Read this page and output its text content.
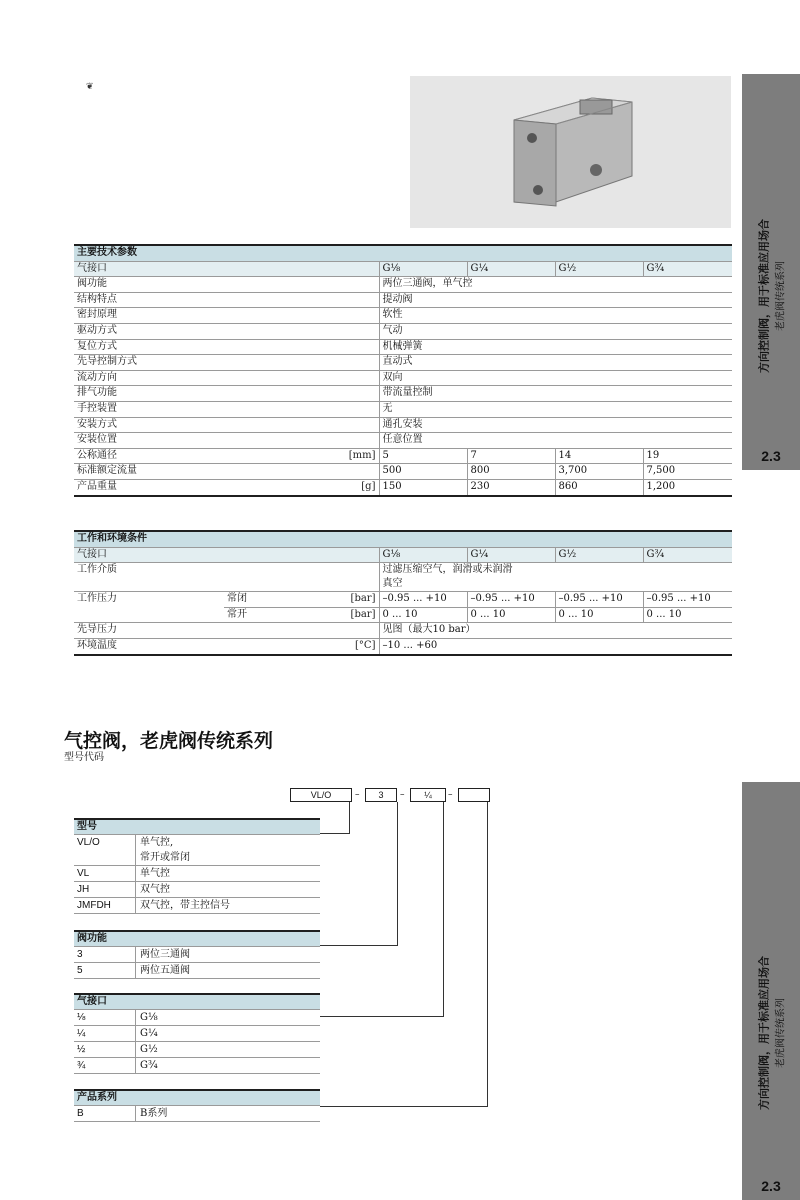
❦
方向控制阀，用于标准应用场合 老虎阀传统系列
2.3
方向控制阀，用于标准应用场合 老虎阀传统系列
2.3
主要技术参数					
气接口		G⅛	G¼	G½	G¾
阀功能		两位三通阀，单气控			
结构特点		提动阀			
密封原理		软性			
驱动方式		气动			
复位方式		机械弹簧			
先导控制方式		直动式			
流动方向		双向			
排气功能		带流量控制			
手控装置		无			
安装方式		通孔安装			
安装位置		任意位置			
公称通径	[mm]	5	7	14	19
标准额定流量		500	800	3,700	7,500
产品重量	[g]	150	230	860	1,200
工作和环境条件						
气接口			G⅛	G¼	G½	G¾
工作介质			过滤压缩空气，润滑或未润滑
真空			
工作压力	常闭	[bar]	–0.95 ... +10	–0.95 ... +10	–0.95 ... +10	–0.95 ... +10
	常开	[bar]	0 ... 10	0 ... 10	0 ... 10	0 ... 10
先导压力			见图（最大10 bar）			
环境温度		[°C]	–10 ... +60			
气控阀，老虎阀传统系列
型号代码
VL/O	–	3	–	¼	–
型号
VL/O	单气控,
常开或常闭
VL	单气控
JH	双气控
JMFDH	双气控，带主控信号
阀功能
3	两位三通阀
5	两位五通阀
气接口
⅛	G⅛
¼	G¼
½	G½
¾	G¾
产品系列
B	B系列
